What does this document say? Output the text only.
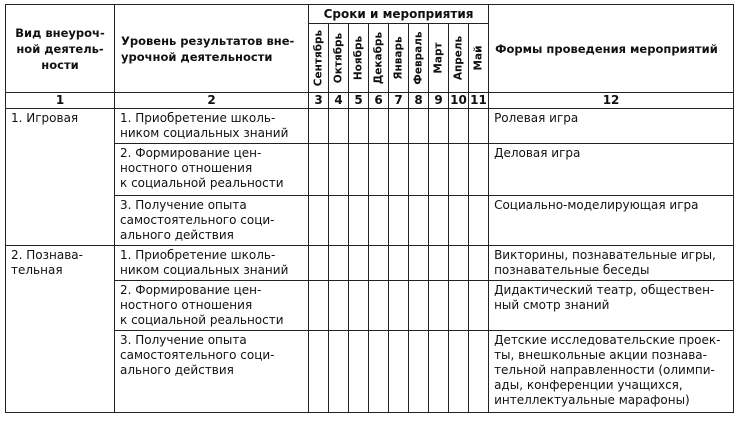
Вид внеуроч-
ной деятель-
ности	Уровень результатов вне-
урочной деятельности	Сроки и мероприятия									Формы проведения мероприятий

		Сентябрь	Октябрь	Ноябрь	Декабрь	Январь	Февраль	Март	Апрель	Май	

1	2	3	4	5	6	7	8	9	10	11	12

1. Игровая	1. Приобретение школь-
ником социальных знаний										Ролевая игра

	2. Формирование цен-
ностного отношения
к социальной реальности										Деловая игра

	3. Получение опыта
самостоятельного соци-
ального действия										Социально-моделирующая игра

2. Познава-
тельная	1. Приобретение школь-
ником социальных знаний										Викторины, познавательные игры,
познавательные беседы

	2. Формирование цен-
ностного отношения
к социальной реальности										Дидактический театр, обществен-
ный смотр знаний

	3. Получение опыта
самостоятельного соци-
ального действия										Детские исследовательские проек-
ты, внешкольные акции познава-
тельной направленности (олимпи-
ады, конференции учащихся,
интеллектуальные марафоны)
